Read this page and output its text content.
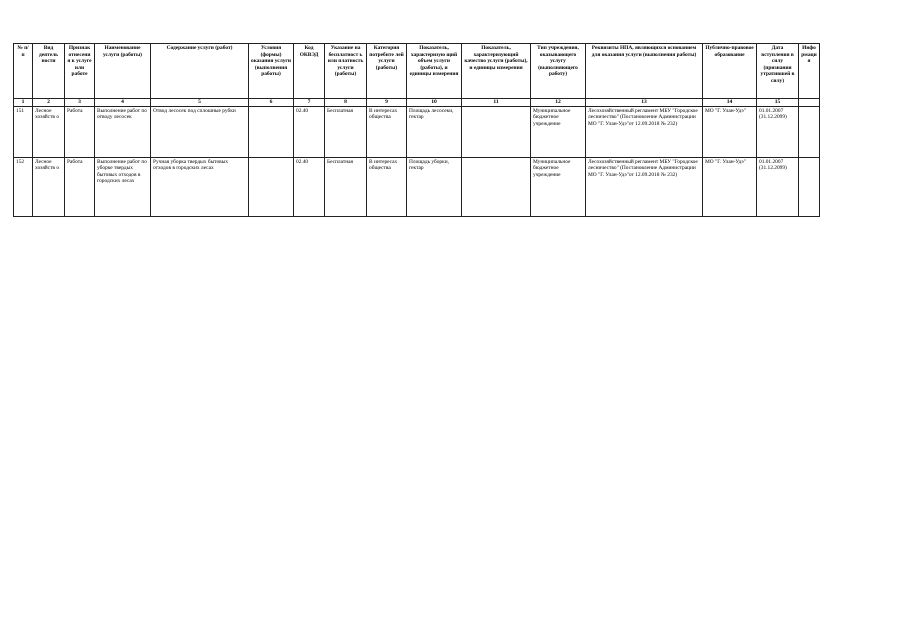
№ п/п	Вид деятель ности	Признак отнесени я к услуге или работе	Наименование услуги (работы)	Содержание услуги (работ)	Условия (формы) оказания услуги (выполнения работы)	Код ОКВЭД	Указание на бесплатност ь или платность услуги (работы)	Категория потребите лей услуги (работы)	Показатель, характеризую щий объем услуги (работы), и единицы измерения	Показатель, характеризующий качество услуги (работы), и единицы измерения	Тип учреждения, оказывающего услугу (выполняющего работу)	Реквизиты НПА, являющихся основанием для оказания услуги (выполнения работы)	Публично-правовое образование	Дата вступления в силу (признания утратившей в силу)	Инфо рмаци я
1	2	3	4	5	6	7	8	9	10	11	12	13	14	15	
151	Лесное хозяйств о	Работа	Выполнение работ по отводу лесосек	Отвод лесосек под сплошные рубки		02.40	Бесплатная	В интересах общества	Площадь лесосеки, гектар		Муниципальное бюджетное учреждение	Лесохозяйственный регламент МБУ "Городское лесничество" (Постановление Администрации МО "Г. Улан-Удэ"от 12.09.2018 № 232)	МО "Г. Улан-Удэ"	01.01.2007 (31.12.2099)	
152	Лесное хозяйств о	Работа	Выполнение работ по уборке твердых бытовых отходов в городских лесах	Ручная уборка твердых бытовых отходов в городских лесах		02.40	Бесплатная	В интересах общества	Площадь уборки, гектар		Муниципальное бюджетное учреждение	Лесохозяйственный регламент МБУ "Городское лесничество" (Постановление Администрации МО "Г. Улан-Удэ"от 12.09.2018 № 232)	МО "Г. Улан-Удэ"	01.01.2007 (31.12.2099)	
